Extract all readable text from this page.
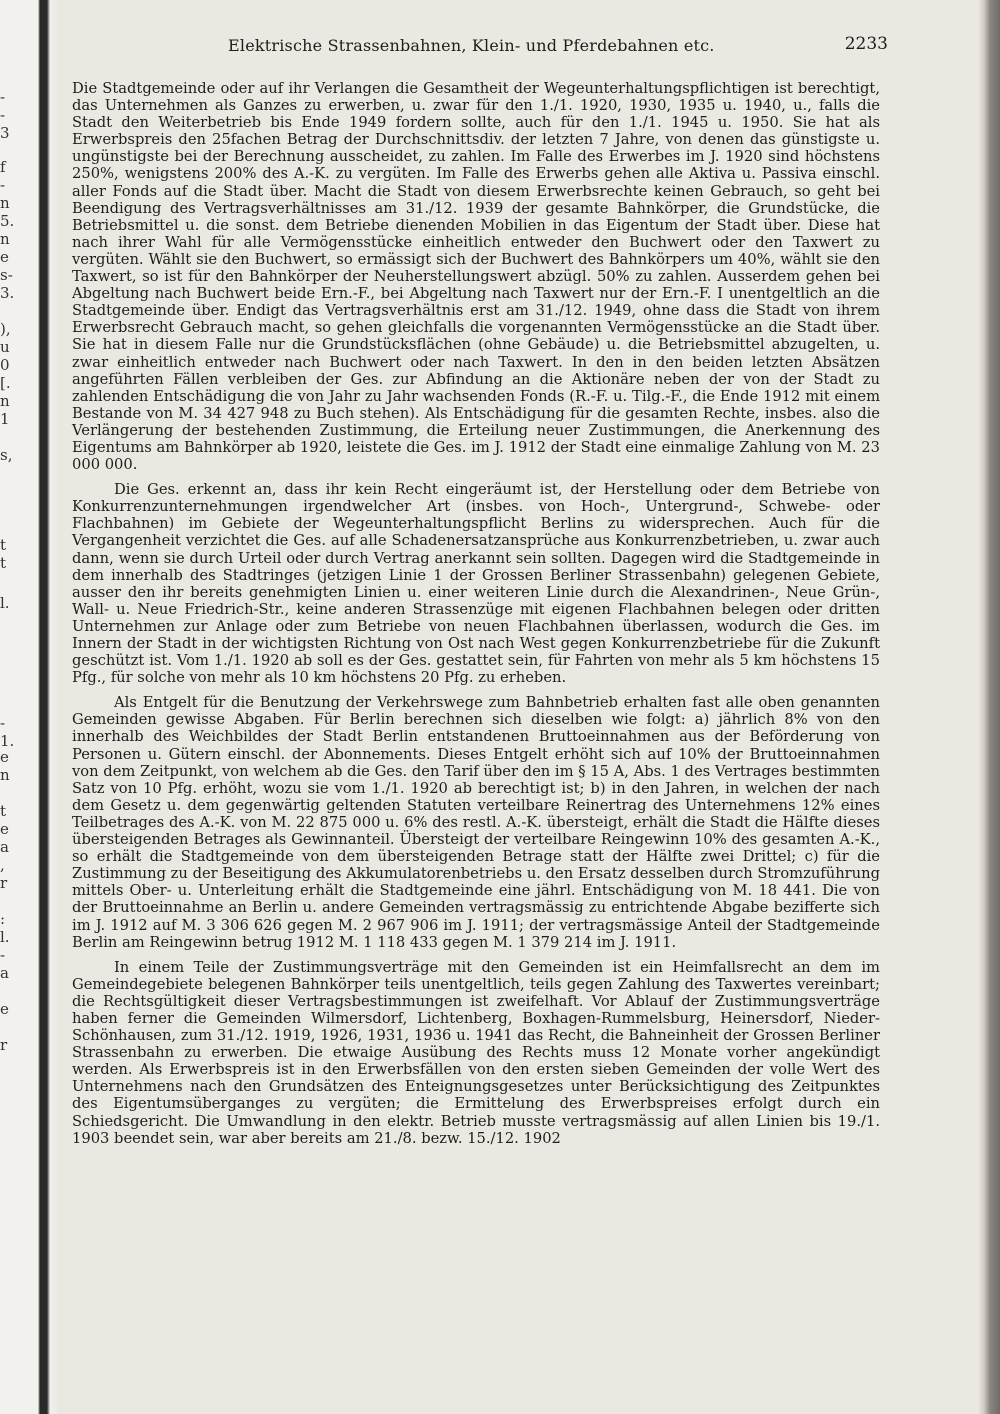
-
-
3
f
-
n
5.
n
e
s-
3.
),
u
0
[.
n
1
s,
t
t
l.
-
1.
e
n
t
e
a
,
r
:
l.
-
a
e
r
Elektrische Strassenbahnen, Klein- und Pferdebahnen etc.	2233

Die Stadtgemeinde oder auf ihr Verlangen die Gesamtheit der Wegeunterhaltungspflichtigen ist berechtigt, das Unternehmen als Ganzes zu erwerben, u. zwar für den 1./1. 1920, 1930, 1935 u. 1940, u., falls die Stadt den Weiterbetrieb bis Ende 1949 fordern sollte, auch für den 1./1. 1945 u. 1950. Sie hat als Erwerbspreis den 25fachen Betrag der Durchschnittsdiv. der letzten 7 Jahre, von denen das günstigste u. ungünstigste bei der Berechnung ausscheidet, zu zahlen. Im Falle des Erwerbes im J. 1920 sind höchstens 250%, wenigstens 200% des A.-K. zu vergüten. Im Falle des Erwerbs gehen alle Aktiva u. Passiva einschl. aller Fonds auf die Stadt über. Macht die Stadt von diesem Erwerbsrechte keinen Gebrauch, so geht bei Beendigung des Vertragsverhältnisses am 31./12. 1939 der gesamte Bahnkörper, die Grundstücke, die Betriebsmittel u. die sonst. dem Betriebe dienenden Mobilien in das Eigentum der Stadt über. Diese hat nach ihrer Wahl für alle Vermögensstücke einheitlich entweder den Buchwert oder den Taxwert zu vergüten. Wählt sie den Buchwert, so ermässigt sich der Buchwert des Bahnkörpers um 40%, wählt sie den Taxwert, so ist für den Bahnkörper der Neuherstellungswert abzügl. 50% zu zahlen. Ausserdem gehen bei Abgeltung nach Buchwert beide Ern.-F., bei Abgeltung nach Taxwert nur der Ern.-F. I unentgeltlich an die Stadtgemeinde über. Endigt das Vertragsverhältnis erst am 31./12. 1949, ohne dass die Stadt von ihrem Erwerbsrecht Gebrauch macht, so gehen gleichfalls die vorgenannten Vermögensstücke an die Stadt über. Sie hat in diesem Falle nur die Grundstücksflächen (ohne Gebäude) u. die Betriebsmittel abzugelten, u. zwar einheitlich entweder nach Buchwert oder nach Taxwert. In den in den beiden letzten Absätzen angeführten Fällen verbleiben der Ges. zur Abfindung an die Aktionäre neben der von der Stadt zu zahlenden Entschädigung die von Jahr zu Jahr wachsenden Fonds (R.-F. u. Tilg.-F., die Ende 1912 mit einem Bestande von M. 34 427 948 zu Buch stehen). Als Entschädigung für die gesamten Rechte, insbes. also die Verlängerung der bestehenden Zustimmung, die Erteilung neuer Zustimmungen, die Anerkennung des Eigentums am Bahnkörper ab 1920, leistete die Ges. im J. 1912 der Stadt eine einmalige Zahlung von M. 23 000 000.

Die Ges. erkennt an, dass ihr kein Recht eingeräumt ist, der Herstellung oder dem Betriebe von Konkurrenzunternehmungen irgendwelcher Art (insbes. von Hoch-, Untergrund-, Schwebe- oder Flachbahnen) im Gebiete der Wegeunterhaltungspflicht Berlins zu widersprechen. Auch für die Vergangenheit verzichtet die Ges. auf alle Schadenersatzansprüche aus Konkurrenzbetrieben, u. zwar auch dann, wenn sie durch Urteil oder durch Vertrag anerkannt sein sollten. Dagegen wird die Stadtgemeinde in dem innerhalb des Stadtringes (jetzigen Linie 1 der Grossen Berliner Strassenbahn) gelegenen Gebiete, ausser den ihr bereits genehmigten Linien u. einer weiteren Linie durch die Alexandrinen-, Neue Grün-, Wall- u. Neue Friedrich-Str., keine anderen Strassenzüge mit eigenen Flachbahnen belegen oder dritten Unternehmen zur Anlage oder zum Betriebe von neuen Flachbahnen überlassen, wodurch die Ges. im Innern der Stadt in der wichtigsten Richtung von Ost nach West gegen Konkurrenzbetriebe für die Zukunft geschützt ist. Vom 1./1. 1920 ab soll es der Ges. gestattet sein, für Fahrten von mehr als 5 km höchstens 15 Pfg., für solche von mehr als 10 km höchstens 20 Pfg. zu erheben.

Als Entgelt für die Benutzung der Verkehrswege zum Bahnbetrieb erhalten fast alle oben genannten Gemeinden gewisse Abgaben. Für Berlin berechnen sich dieselben wie folgt: a) jährlich 8% von den innerhalb des Weichbildes der Stadt Berlin entstandenen Bruttoeinnahmen aus der Beförderung von Personen u. Gütern einschl. der Abonnements. Dieses Entgelt erhöht sich auf 10% der Bruttoeinnahmen von dem Zeitpunkt, von welchem ab die Ges. den Tarif über den im § 15 A, Abs. 1 des Vertrages bestimmten Satz von 10 Pfg. erhöht, wozu sie vom 1./1. 1920 ab berechtigt ist; b) in den Jahren, in welchen der nach dem Gesetz u. dem gegenwärtig geltenden Statuten verteilbare Reinertrag des Unternehmens 12% eines Teilbetrages des A.-K. von M. 22 875 000 u. 6% des restl. A.-K. übersteigt, erhält die Stadt die Hälfte dieses übersteigenden Betrages als Gewinnanteil. Übersteigt der verteilbare Reingewinn 10% des gesamten A.-K., so erhält die Stadtgemeinde von dem übersteigenden Betrage statt der Hälfte zwei Drittel; c) für die Zustimmung zu der Beseitigung des Akkumulatorenbetriebs u. den Ersatz desselben durch Stromzuführung mittels Ober- u. Unterleitung erhält die Stadtgemeinde eine jährl. Entschädigung von M. 18 441. Die von der Bruttoeinnahme an Berlin u. andere Gemeinden vertragsmässig zu entrichtende Abgabe bezifferte sich im J. 1912 auf M. 3 306 626 gegen M. 2 967 906 im J. 1911; der vertragsmässige Anteil der Stadtgemeinde Berlin am Reingewinn betrug 1912 M. 1 118 433 gegen M. 1 379 214 im J. 1911.

In einem Teile der Zustimmungsverträge mit den Gemeinden ist ein Heimfallsrecht an dem im Gemeindegebiete belegenen Bahnkörper teils unentgeltlich, teils gegen Zahlung des Taxwertes vereinbart; die Rechtsgültigkeit dieser Vertragsbestimmungen ist zweifelhaft. Vor Ablauf der Zustimmungsverträge haben ferner die Gemeinden Wilmersdorf, Lichtenberg, Boxhagen-Rummelsburg, Heinersdorf, Nieder-Schönhausen, zum 31./12. 1919, 1926, 1931, 1936 u. 1941 das Recht, die Bahneinheit der Grossen Berliner Strassenbahn zu erwerben. Die etwaige Ausübung des Rechts muss 12 Monate vorher angekündigt werden. Als Erwerbspreis ist in den Erwerbsfällen von den ersten sieben Gemeinden der volle Wert des Unternehmens nach den Grundsätzen des Enteignungsgesetzes unter Berücksichtigung des Zeitpunktes des Eigentumsüberganges zu vergüten; die Ermittelung des Erwerbspreises erfolgt durch ein Schiedsgericht. Die Umwandlung in den elektr. Betrieb musste vertragsmässig auf allen Linien bis 19./1. 1903 beendet sein, war aber bereits am 21./8. bezw. 15./12. 1902
